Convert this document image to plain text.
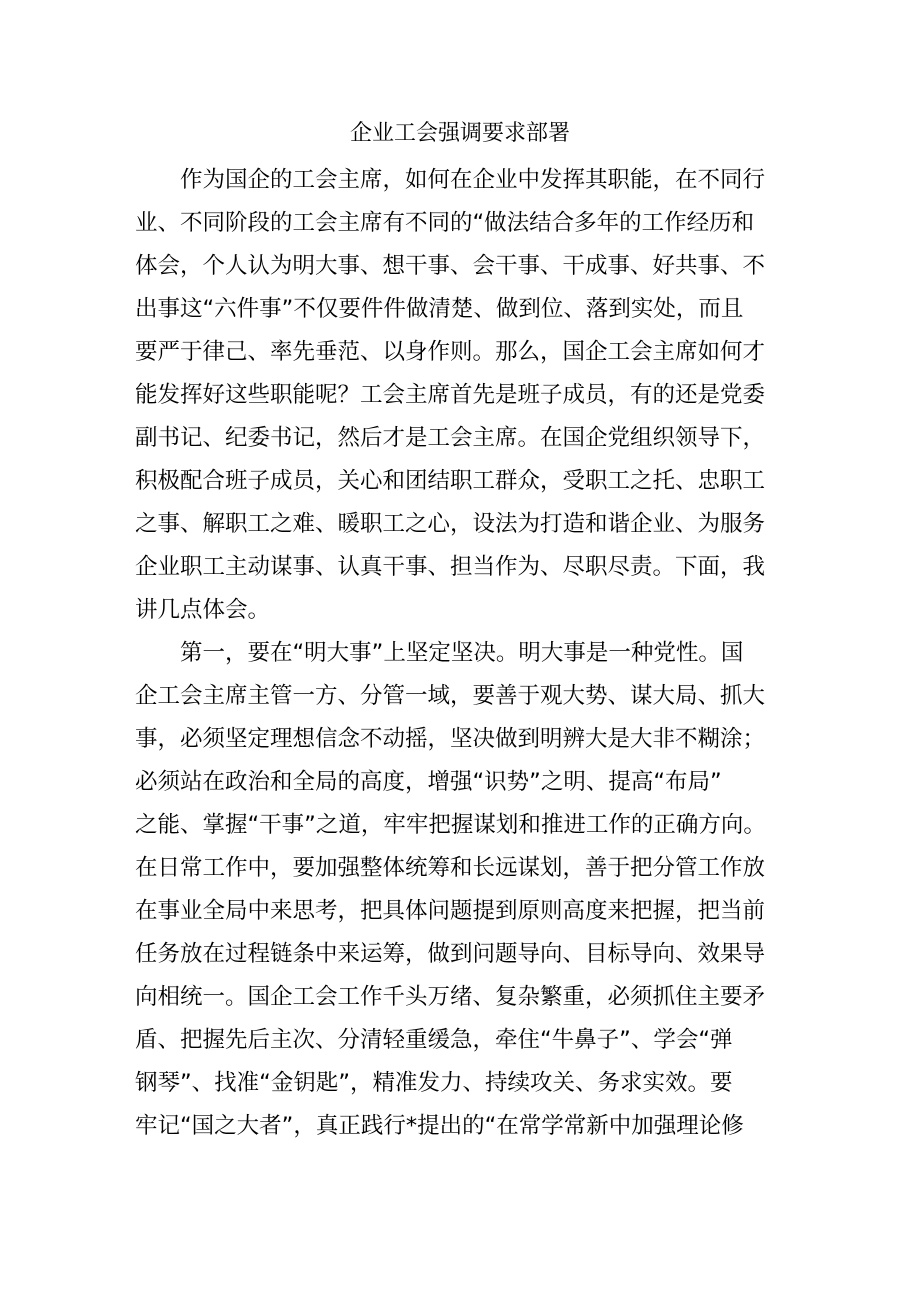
企业工会强调要求部署
作为国企的工会主席，如何在企业中发挥其职能，在不同行
业、不同阶段的工会主席有不同的“做法结合多年的工作经历和
体会，个人认为明大事、想干事、会干事、干成事、好共事、不
出事这“六件事”不仅要件件做清楚、做到位、落到实处，而且
要严于律己、率先垂范、以身作则。那么，国企工会主席如何才
能发挥好这些职能呢？工会主席首先是班子成员，有的还是党委
副书记、纪委书记，然后才是工会主席。在国企党组织领导下，
积极配合班子成员，关心和团结职工群众，受职工之托、忠职工
之事、解职工之难、暖职工之心，设法为打造和谐企业、为服务
企业职工主动谋事、认真干事、担当作为、尽职尽责。下面，我
讲几点体会。
第一，要在“明大事”上坚定坚决。明大事是一种党性。国
企工会主席主管一方、分管一域，要善于观大势、谋大局、抓大
事，必须坚定理想信念不动摇，坚决做到明辨大是大非不糊涂；
必须站在政治和全局的高度，增强“识势”之明、提高“布局”
之能、掌握“干事”之道，牢牢把握谋划和推进工作的正确方向。
在日常工作中，要加强整体统筹和长远谋划，善于把分管工作放
在事业全局中来思考，把具体问题提到原则高度来把握，把当前
任务放在过程链条中来运筹，做到问题导向、目标导向、效果导
向相统一。国企工会工作千头万绪、复杂繁重，必须抓住主要矛
盾、把握先后主次、分清轻重缓急，牵住“牛鼻子”、学会“弹
钢琴”、找准“金钥匙”，精准发力、持续攻关、务求实效。要
牢记“国之大者”，真正践行*提出的“在常学常新中加强理论修
